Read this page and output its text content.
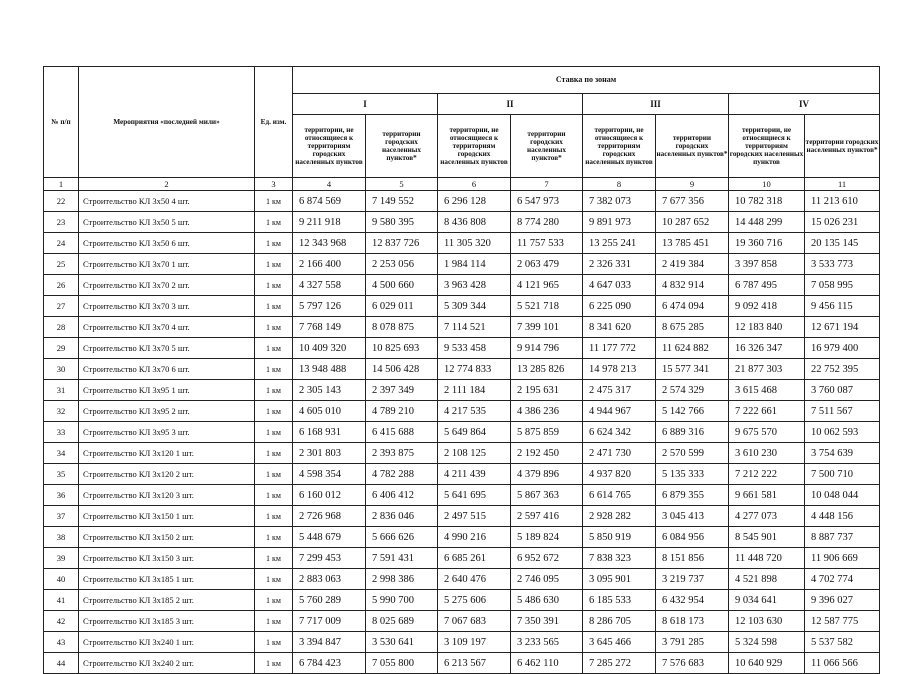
№ п/п	Мероприятия «последней мили»	Ед. изм.	Ставка по зонам							
			I		II		III		IV	
			территории, не относящиеся к территориям городских населенных пунктов	территории городских населенных пунктов*	территории, не относящиеся к территориям городских населенных пунктов	территории городских населенных пунктов*	территории, не относящиеся к территориям городских населенных пунктов	территории городских населенных пунктов*	территории, не относящиеся к территориям городских населенных пунктов	территории городских населенных пунктов*
1	2	3	4	5	6	7	8	9	10	11
22	Строительство КЛ 3х50 4 шт.	1 км	6 874 569	7 149 552	6 296 128	6 547 973	7 382 073	7 677 356	10 782 318	11 213 610
23	Строительство КЛ 3х50 5 шт.	1 км	9 211 918	9 580 395	8 436 808	8 774 280	9 891 973	10 287 652	14 448 299	15 026 231
24	Строительство КЛ 3х50 6 шт.	1 км	12 343 968	12 837 726	11 305 320	11 757 533	13 255 241	13 785 451	19 360 716	20 135 145
25	Строительство КЛ 3х70 1 шт.	1 км	2 166 400	2 253 056	1 984 114	2 063 479	2 326 331	2 419 384	3 397 858	3 533 773
26	Строительство КЛ 3х70 2 шт.	1 км	4 327 558	4 500 660	3 963 428	4 121 965	4 647 033	4 832 914	6 787 495	7 058 995
27	Строительство КЛ 3х70 3 шт.	1 км	5 797 126	6 029 011	5 309 344	5 521 718	6 225 090	6 474 094	9 092 418	9 456 115
28	Строительство КЛ 3х70 4 шт.	1 км	7 768 149	8 078 875	7 114 521	7 399 101	8 341 620	8 675 285	12 183 840	12 671 194
29	Строительство КЛ 3х70 5 шт.	1 км	10 409 320	10 825 693	9 533 458	9 914 796	11 177 772	11 624 882	16 326 347	16 979 400
30	Строительство КЛ 3х70 6 шт.	1 км	13 948 488	14 506 428	12 774 833	13 285 826	14 978 213	15 577 341	21 877 303	22 752 395
31	Строительство КЛ 3х95 1 шт.	1 км	2 305 143	2 397 349	2 111 184	2 195 631	2 475 317	2 574 329	3 615 468	3 760 087
32	Строительство КЛ 3х95 2 шт.	1 км	4 605 010	4 789 210	4 217 535	4 386 236	4 944 967	5 142 766	7 222 661	7 511 567
33	Строительство КЛ 3х95 3 шт.	1 км	6 168 931	6 415 688	5 649 864	5 875 859	6 624 342	6 889 316	9 675 570	10 062 593
34	Строительство КЛ 3х120 1 шт.	1 км	2 301 803	2 393 875	2 108 125	2 192 450	2 471 730	2 570 599	3 610 230	3 754 639
35	Строительство КЛ 3х120 2 шт.	1 км	4 598 354	4 782 288	4 211 439	4 379 896	4 937 820	5 135 333	7 212 222	7 500 710
36	Строительство КЛ 3х120 3 шт.	1 км	6 160 012	6 406 412	5 641 695	5 867 363	6 614 765	6 879 355	9 661 581	10 048 044
37	Строительство КЛ 3х150 1 шт.	1 км	2 726 968	2 836 046	2 497 515	2 597 416	2 928 282	3 045 413	4 277 073	4 448 156
38	Строительство КЛ 3х150 2 шт.	1 км	5 448 679	5 666 626	4 990 216	5 189 824	5 850 919	6 084 956	8 545 901	8 887 737
39	Строительство КЛ 3х150 3 шт.	1 км	7 299 453	7 591 431	6 685 261	6 952 672	7 838 323	8 151 856	11 448 720	11 906 669
40	Строительство КЛ 3х185 1 шт.	1 км	2 883 063	2 998 386	2 640 476	2 746 095	3 095 901	3 219 737	4 521 898	4 702 774
41	Строительство КЛ 3х185 2 шт.	1 км	5 760 289	5 990 700	5 275 606	5 486 630	6 185 533	6 432 954	9 034 641	9 396 027
42	Строительство КЛ 3х185 3 шт.	1 км	7 717 009	8 025 689	7 067 683	7 350 391	8 286 705	8 618 173	12 103 630	12 587 775
43	Строительство КЛ 3х240 1 шт.	1 км	3 394 847	3 530 641	3 109 197	3 233 565	3 645 466	3 791 285	5 324 598	5 537 582
44	Строительство КЛ 3х240 2 шт.	1 км	6 784 423	7 055 800	6 213 567	6 462 110	7 285 272	7 576 683	10 640 929	11 066 566
